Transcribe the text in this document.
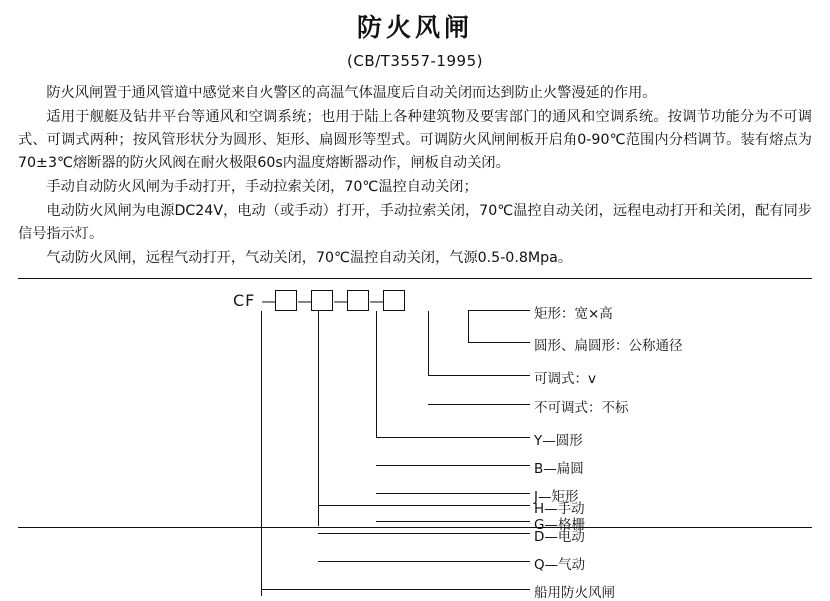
防火风闸
(CB/T3557-1995)

防火风闸置于通风管道中感觉来自火警区的高温气体温度后自动关闭而达到防止火警漫延的作用。

适用于舰艇及钻井平台等通风和空调系统；也用于陆上各种建筑物及要害部门的通风和空调系统。按调节功能分为不可调式、可调式两种；按风管形状分为圆形、矩形、扁圆形等型式。可调防火风闸闸板开启角0-90℃范围内分档调节。装有熔点为70±3℃熔断器的防火风阀在耐火极限60s内温度熔断器动作，闸板自动关闭。

手动自动防火风闸为手动打开，手动拉索关闭，70℃温控自动关闭；

电动防火风闸为电源DC24V，电动（或手动）打开，手动拉索关闭，70℃温控自动关闭，远程电动打开和关闭，配有同步信号指示灯。

气动防火风闸，远程气动打开，气动关闭，70℃温控自动关闭，气源0.5-0.8Mpa。

CF — — — —
矩形：宽×高
圆形、扁圆形：公称通径
可调式：v
不可调式：不标
Y—圆形
B—扁圆
J—矩形
G—格栅
H—手动
D—电动
Q—气动
船用防火风闸
